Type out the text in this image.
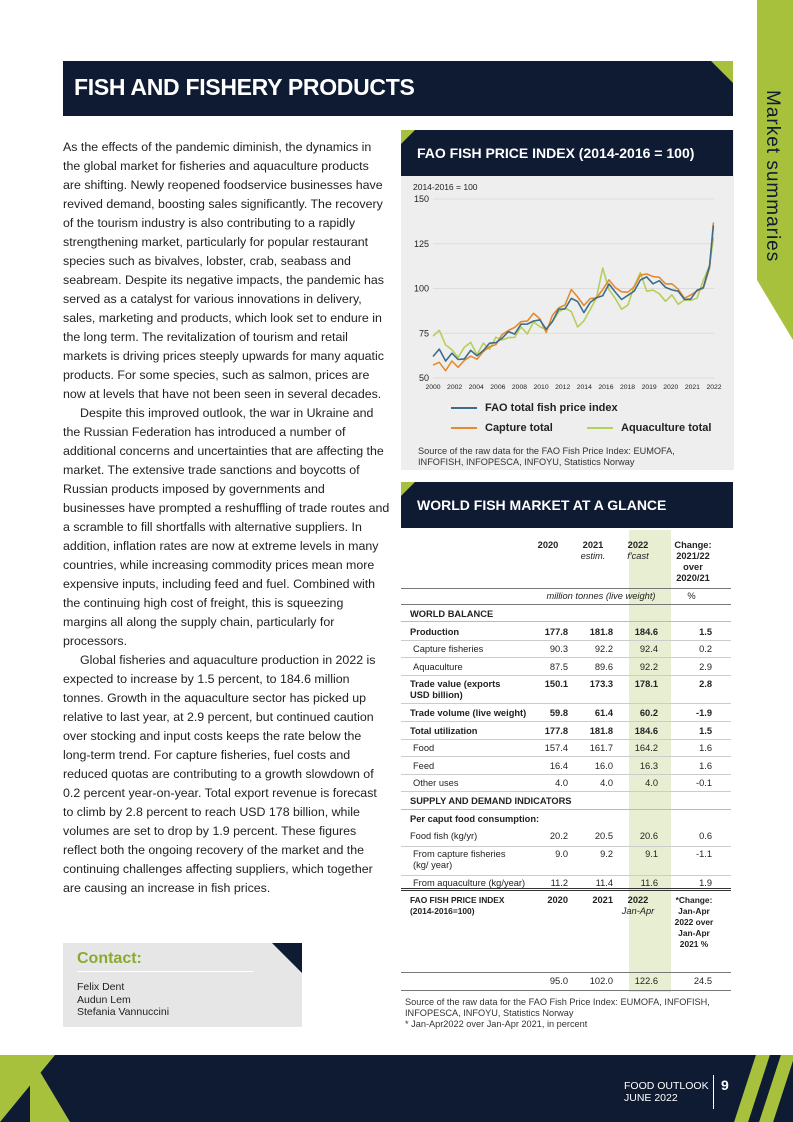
FISH AND FISHERY PRODUCTS
Market summaries

As the effects of the pandemic diminish, the dynamics in the global market for fisheries and aquaculture products are shifting. Newly reopened foodservice businesses have revived demand, boosting sales significantly. The recovery of the tourism industry is also contributing to a rapidly strengthening market, particularly for popular restaurant species such as bivalves, lobster, crab, seabass and seabream. Despite its negative impacts, the pandemic has served as a catalyst for various innovations in delivery, sales, marketing and products, which look set to endure in the long term. The revitalization of tourism and retail markets is driving prices steeply upwards for many aquatic products. For some species, such as salmon, prices are now at levels that have not been seen in several decades.

Despite this improved outlook, the war in Ukraine and the Russian Federation has introduced a number of additional concerns and uncertainties that are affecting the market. The extensive trade sanctions and boycotts of Russian products imposed by governments and businesses have prompted a reshuffling of trade routes and a scramble to fill shortfalls with alternative suppliers. In addition, inflation rates are now at extreme levels in many countries, while increasing commodity prices mean more expensive inputs, including feed and fuel. Combined with the continuing high cost of freight, this is squeezing margins all along the supply chain, particularly for processors.

Global fisheries and aquaculture production in 2022 is expected to increase by 1.5 percent, to 184.6 million tonnes. Growth in the aquaculture sector has picked up relative to last year, at 2.9 percent, but continued caution over stocking and input costs keeps the rate below the long-term trend. For capture fisheries, fuel costs and reduced quotas are contributing to a growth slowdown of 0.2 percent year-on-year. Total export revenue is forecast to climb by 2.8 percent to reach USD 178 billion, while volumes are set to drop by 1.9 percent. These figures reflect both the ongoing recovery of the market and the continuing challenges affecting suppliers, which together are causing an increase in fish prices.

Contact:
Felix Dent
Audun Lem
Stefania Vannuccini
FAO FISH PRICE INDEX (2014-2016 = 100)
2014-2016 = 100
50
75
100
125
150
2000 2002 2004 2006 2008 2010 2012 2014 2016 2018 2019 2020 2021 2022
FAO total fish price index
Capture total	Aquaculture total
Source of the raw data for the FAO Fish Price Index: EUMOFA, INFOFISH, INFOPESCA, INFOYU, Statistics Norway
WORLD FISH MARKET AT A GLANCE
2020	2021
estim.
2022
f'cast
Change: 2021/22 over 2020/21
million tonnes (live weight)	%
WORLD BALANCE
Production	177.8	181.8	184.6	1.5
Capture fisheries	90.3	92.2	92.4	0.2
Aquaculture	87.5	89.6	92.2	2.9
Trade value (exports USD billion)
150.1	173.3	178.1	2.8
Trade volume (live weight)	59.8	61.4	60.2	-1.9
Total utilization	177.8	181.8	184.6	1.5
Food	157.4	161.7	164.2	1.6
Feed	16.4	16.0	16.3	1.6
Other uses	4.0	4.0	4.0	-0.1
SUPPLY AND DEMAND INDICATORS
Per caput food consumption:
Food fish (kg/yr)	20.2	20.5	20.6	0.6
From capture fisheries (kg/ year)
9.0	9.2	9.1	-1.1
From aquaculture (kg/year)	11.2	11.4	11.6	1.9
FAO FISH PRICE INDEX (2014-2016=100)
2020	2021	2022
Jan-Apr
*Change: Jan-Apr 2022 over Jan-Apr 2021 %
95.0	102.0	122.6	24.5
Source of the raw data for the FAO Fish Price Index: EUMOFA, INFOFISH, INFOPESCA, INFOYU, Statistics Norway
* Jan-Apr2022 over Jan-Apr 2021, in percent
FOOD OUTLOOK
JUNE 2022
9
